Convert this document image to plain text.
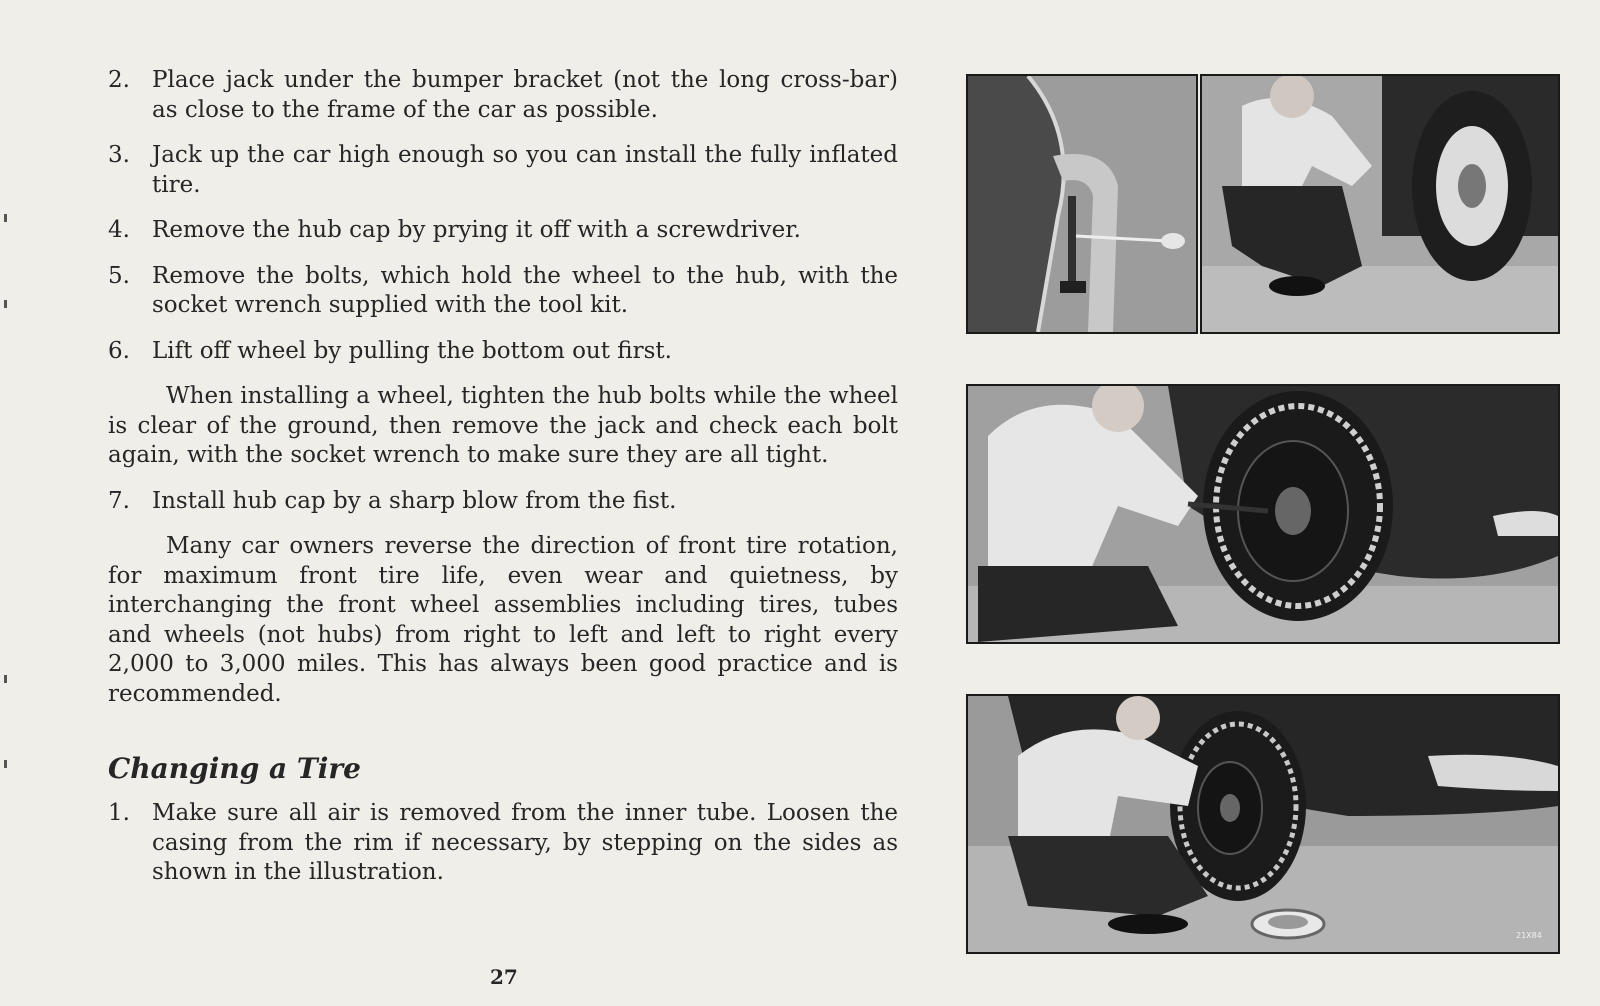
2. Place jack under the bumper bracket (not the long cross-bar) as close to the frame of the car as possible.
3. Jack up the car high enough so you can install the fully inflated tire.
4. Remove the hub cap by prying it off with a screwdriver.
5. Remove the bolts, which hold the wheel to the hub, with the socket wrench supplied with the tool kit.
6. Lift off wheel by pulling the bottom out first.

When installing a wheel, tighten the hub bolts while the wheel is clear of the ground, then remove the jack and check each bolt again, with the socket wrench to make sure they are all tight.

7. Install hub cap by a sharp blow from the fist.

Many car owners reverse the direction of front tire rotation, for maximum front tire life, even wear and quietness, by interchanging the front wheel assemblies including tires, tubes and wheels (not hubs) from right to left and left to right every 2,000 to 3,000 miles. This has always been good practice and is recommended.

Changing a Tire
1. Make sure all air is removed from the inner tube. Loosen the casing from the rim if necessary, by stepping on the sides as shown in the illustration.
27
21X84
